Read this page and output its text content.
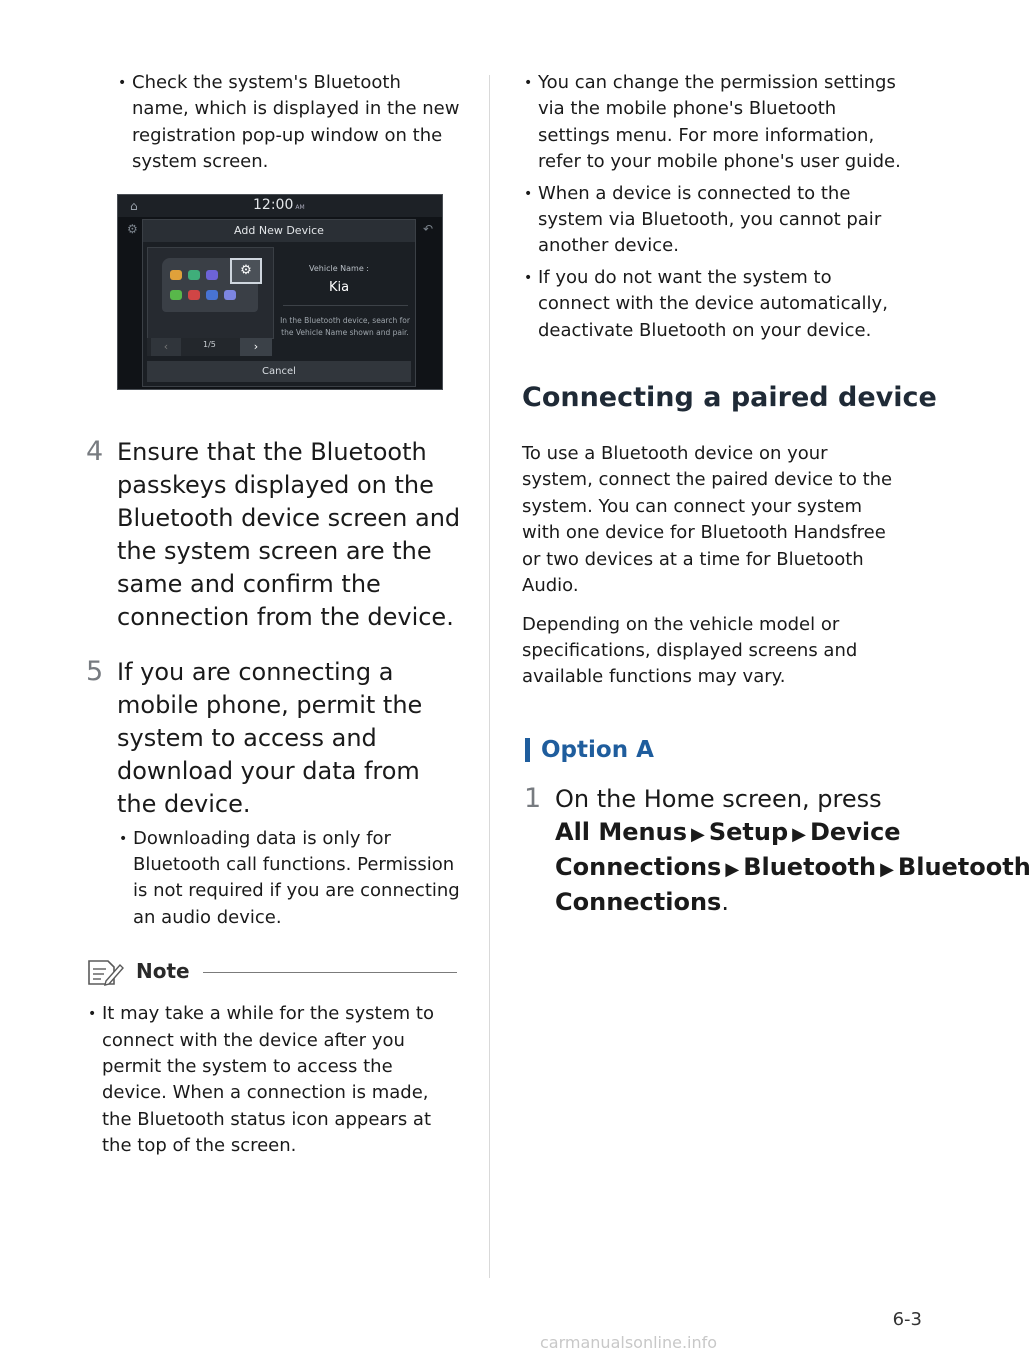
• Check the system's Bluetooth name, which is displayed in the new registration pop-up window on the system screen.
⌂	12:00 AM
⚙	↶
Add New Device
⚙
‹	1/5	›
Vehicle Name :
Kia
In the Bluetooth device, search for the Vehicle Name shown and pair.
Cancel
4 Ensure that the Bluetooth passkeys displayed on the Bluetooth device screen and the system screen are the same and confirm the connection from the device.
5 If you are connecting a mobile phone, permit the system to access and download your data from the device.
• Downloading data is only for Bluetooth call functions. Permission is not required if you are connecting an audio device.
Note
• It may take a while for the system to connect with the device after you permit the system to access the device. When a connection is made, the Bluetooth status icon appears at the top of the screen.
• You can change the permission settings via the mobile phone's Bluetooth settings menu. For more information, refer to your mobile phone's user guide.
• When a device is connected to the system via Bluetooth, you cannot pair another device.
• If you do not want the system to connect with the device automatically, deactivate Bluetooth on your device.
Connecting a paired device

To use a Bluetooth device on your system, connect the paired device to the system. You can connect your system with one device for Bluetooth Handsfree or two devices at a time for Bluetooth Audio.

Depending on the vehicle model or specifications, displayed screens and available functions may vary.

Option A
1 On the Home screen, press All Menus ▶ Setup ▶ Device Connections ▶ Bluetooth ▶ Bluetooth Connections.
6-3
carmanualsonline.info
